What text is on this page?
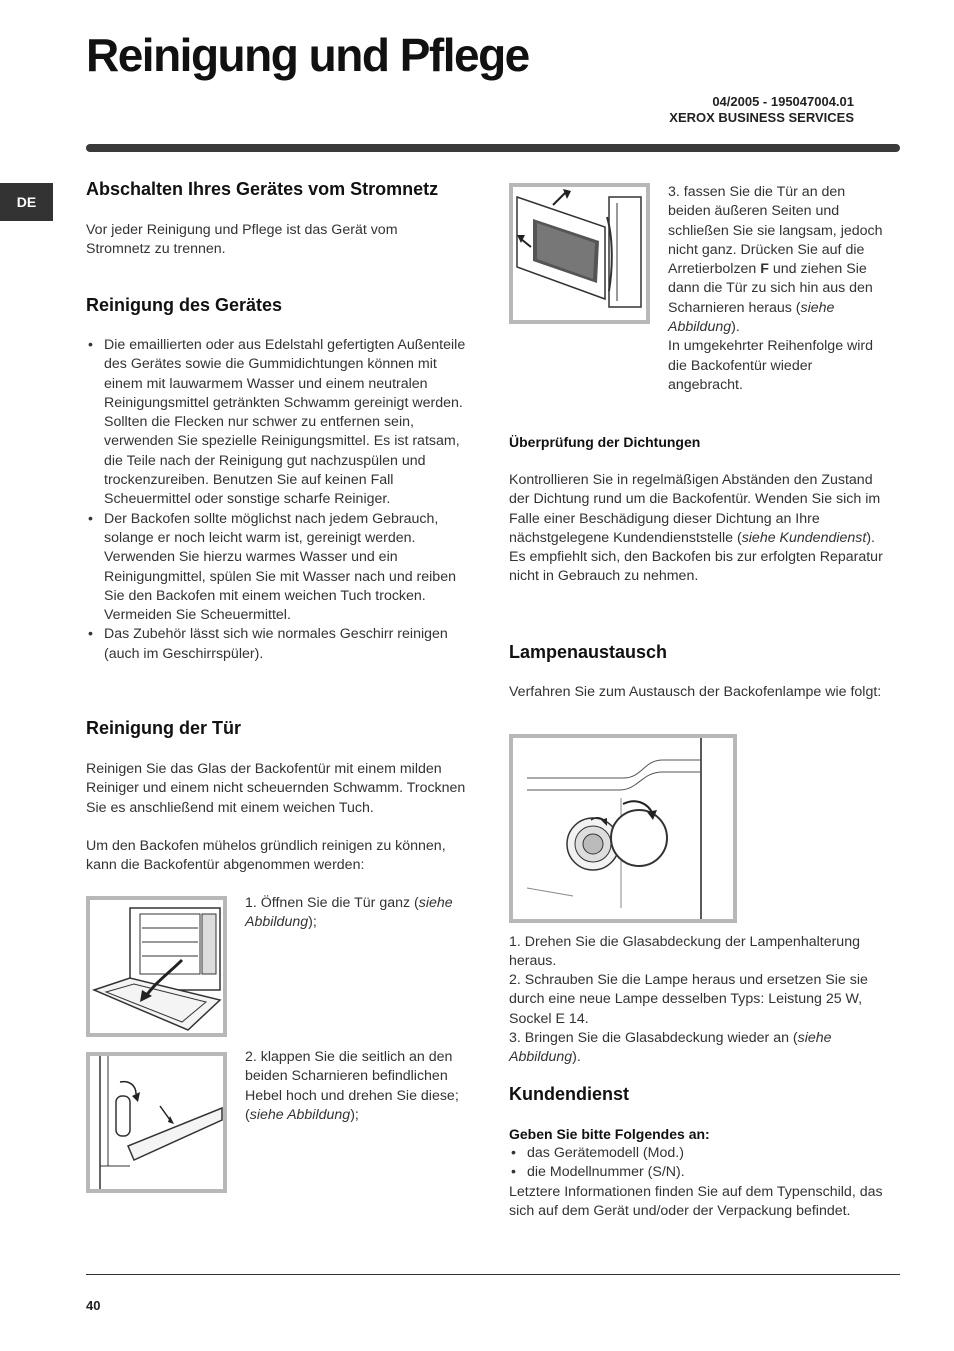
Reinigung und Pflege
04/2005 - 195047004.01
XEROX BUSINESS SERVICES
DE
Abschalten Ihres Gerätes vom Stromnetz

Vor jeder Reinigung und Pflege ist das Gerät vom Stromnetz zu trennen.

Reinigung des Gerätes
• Die emaillierten oder aus Edelstahl gefertigten Außenteile des Gerätes sowie die Gummidichtungen können mit einem mit lauwarmem Wasser und einem neutralen Reinigungsmittel getränkten Schwamm gereinigt werden. Sollten die Flecken nur schwer zu entfernen sein, verwenden Sie spezielle Reinigungsmittel. Es ist ratsam, die Teile nach der Reinigung gut nachzuspülen und trockenzureiben. Benutzen Sie auf keinen Fall Scheuermittel oder sonstige scharfe Reiniger.
• Der Backofen sollte möglichst nach jedem Gebrauch, solange er noch leicht warm ist, gereinigt werden. Verwenden Sie hierzu warmes Wasser und ein Reinigungmittel, spülen Sie mit Wasser nach und reiben Sie den Backofen mit einem weichen Tuch trocken. Vermeiden Sie Scheuermittel.
• Das Zubehör lässt sich wie normales Geschirr reinigen (auch im Geschirrspüler).
Reinigung der Tür

Reinigen Sie das Glas der Backofentür mit einem milden Reiniger und einem nicht scheuernden Schwamm. Trocknen Sie es anschließend mit einem weichen Tuch.

Um den Backofen mühelos gründlich reinigen zu können, kann die Backofentür abgenommen werden:

1. Öffnen Sie die Tür ganz (siehe Abbildung);

2. klappen Sie die seitlich an den beiden Scharnieren befindlichen Hebel hoch und drehen Sie diese;
(siehe Abbildung);

3. fassen Sie die Tür an den beiden äußeren Seiten und schließen Sie sie langsam, jedoch nicht ganz. Drücken Sie auf die Arretierbolzen F und ziehen Sie dann die Tür zu sich hin aus den Scharnieren heraus (siehe Abbildung).
In umgekehrter Reihenfolge wird die Backofentür wieder angebracht.

Überprüfung der Dichtungen

Kontrollieren Sie in regelmäßigen Abständen den Zustand der Dichtung rund um die Backofentür. Wenden Sie sich im Falle einer Beschädigung dieser Dichtung an Ihre nächstgelegene Kundendienststelle (siehe Kundendienst). Es empfiehlt sich, den Backofen bis zur erfolgten Reparatur nicht in Gebrauch zu nehmen.

Lampenaustausch

Verfahren Sie zum Austausch der Backofenlampe wie folgt:

1. Drehen Sie die Glasabdeckung der Lampenhalterung heraus.

2. Schrauben Sie die Lampe heraus und ersetzen Sie sie durch eine neue Lampe desselben Typs: Leistung 25 W, Sockel E 14.

3. Bringen Sie die Glasabdeckung wieder an (siehe Abbildung).

Kundendienst
Geben Sie bitte Folgendes an:
• das Gerätemodell (Mod.)
• die Modellnummer (S/N).

Letztere Informationen finden Sie auf dem Typenschild, das sich auf dem Gerät und/oder der Verpackung befindet.

40
